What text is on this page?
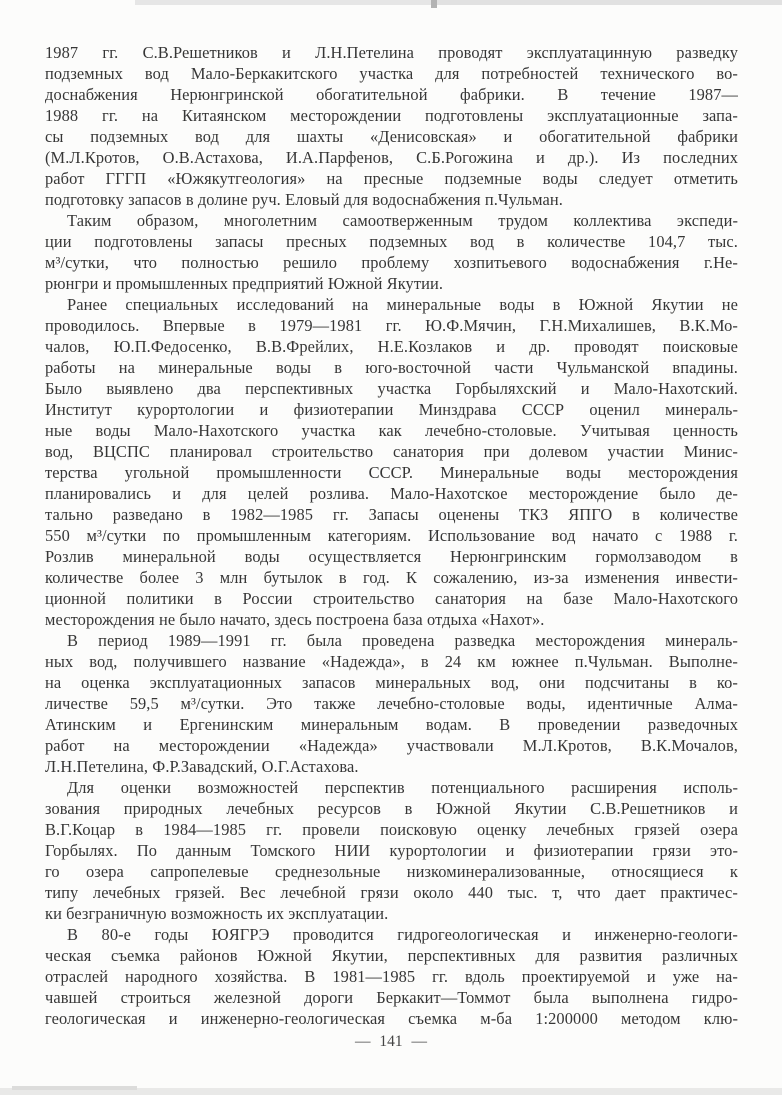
1987 гг. С.В.Решетников и Л.Н.Петелина проводят эксплуатацинную разведку
подземных вод Мало-Беркакитского участка для потребностей технического во-
доснабжения Нерюнгринской обогатительной фабрики. В течение 1987—
1988 гг. на Китаянском месторождении подготовлены эксплуатационные запа-
сы подземных вод для шахты «Денисовская» и обогатительной фабрики
(М.Л.Кротов, О.В.Астахова, И.А.Парфенов, С.Б.Рогожина и др.). Из последних
работ ГГГП «Южякутгеология» на пресные подземные воды следует отметить
подготовку запасов в долине руч. Еловый для водоснабжения п.Чульман.
Таким образом, многолетним самоотверженным трудом коллектива экспеди-
ции подготовлены запасы пресных подземных вод в количестве 104,7 тыс.
м³/сутки, что полностью решило проблему хозпитьевого водоснабжения г.Не-
рюнгри и промышленных предприятий Южной Якутии.
Ранее специальных исследований на минеральные воды в Южной Якутии не
проводилось. Впервые в 1979—1981 гг. Ю.Ф.Мячин, Г.Н.Михалишев, В.К.Мо-
чалов, Ю.П.Федосенко, В.В.Фрейлих, Н.Е.Козлаков и др. проводят поисковые
работы на минеральные воды в юго-восточной части Чульманской впадины.
Было выявлено два перспективных участка Горбыляхский и Мало-Нахотский.
Институт курортологии и физиотерапии Минздрава СССР оценил минераль-
ные воды Мало-Нахотского участка как лечебно-столовые. Учитывая ценность
вод, ВЦСПС планировал строительство санатория при долевом участии Минис-
терства угольной промышленности СССР. Минеральные воды месторождения
планировались и для целей розлива. Мало-Нахотское месторождение было де-
тально разведано в 1982—1985 гг. Запасы оценены ТКЗ ЯПГО в количестве
550 м³/сутки по промышленным категориям. Использование вод начато с 1988 г.
Розлив минеральной воды осуществляется Нерюнгринским гормолзаводом в
количестве более 3 млн бутылок в год. К сожалению, из-за изменения инвести-
ционной политики в России строительство санатория на базе Мало-Нахотского
месторождения не было начато, здесь построена база отдыха «Нахот».
В период 1989—1991 гг. была проведена разведка месторождения минераль-
ных вод, получившего название «Надежда», в 24 км южнее п.Чульман. Выполне-
на оценка эксплуатационных запасов минеральных вод, они подсчитаны в ко-
личестве 59,5 м³/сутки. Это также лечебно-столовые воды, идентичные Алма-
Атинским и Ергенинским минеральным водам. В проведении разведочных
работ на месторождении «Надежда» участвовали М.Л.Кротов, В.К.Мочалов,
Л.Н.Петелина, Ф.Р.Завадский, О.Г.Астахова.
Для оценки возможностей перспектив потенциального расширения исполь-
зования природных лечебных ресурсов в Южной Якутии С.В.Решетников и
В.Г.Коцар в 1984—1985 гг. провели поисковую оценку лечебных грязей озера
Горбылях. По данным Томского НИИ курортологии и физиотерапии грязи это-
го озера сапропелевые среднезольные низкоминерализованные, относящиеся к
типу лечебных грязей. Вес лечебной грязи около 440 тыс. т, что дает практичес-
ки безграничную возможность их эксплуатации.
В 80-е годы ЮЯГРЭ проводится гидрогеологическая и инженерно-геологи-
ческая съемка районов Южной Якутии, перспективных для развития различных
отраслей народного хозяйства. В 1981—1985 гг. вдоль проектируемой и уже на-
чавшей строиться железной дороги Беркакит—Томмот была выполнена гидро-
геологическая и инженерно-геологическая съемка м-ба 1:200000 методом клю-
— 141 —
